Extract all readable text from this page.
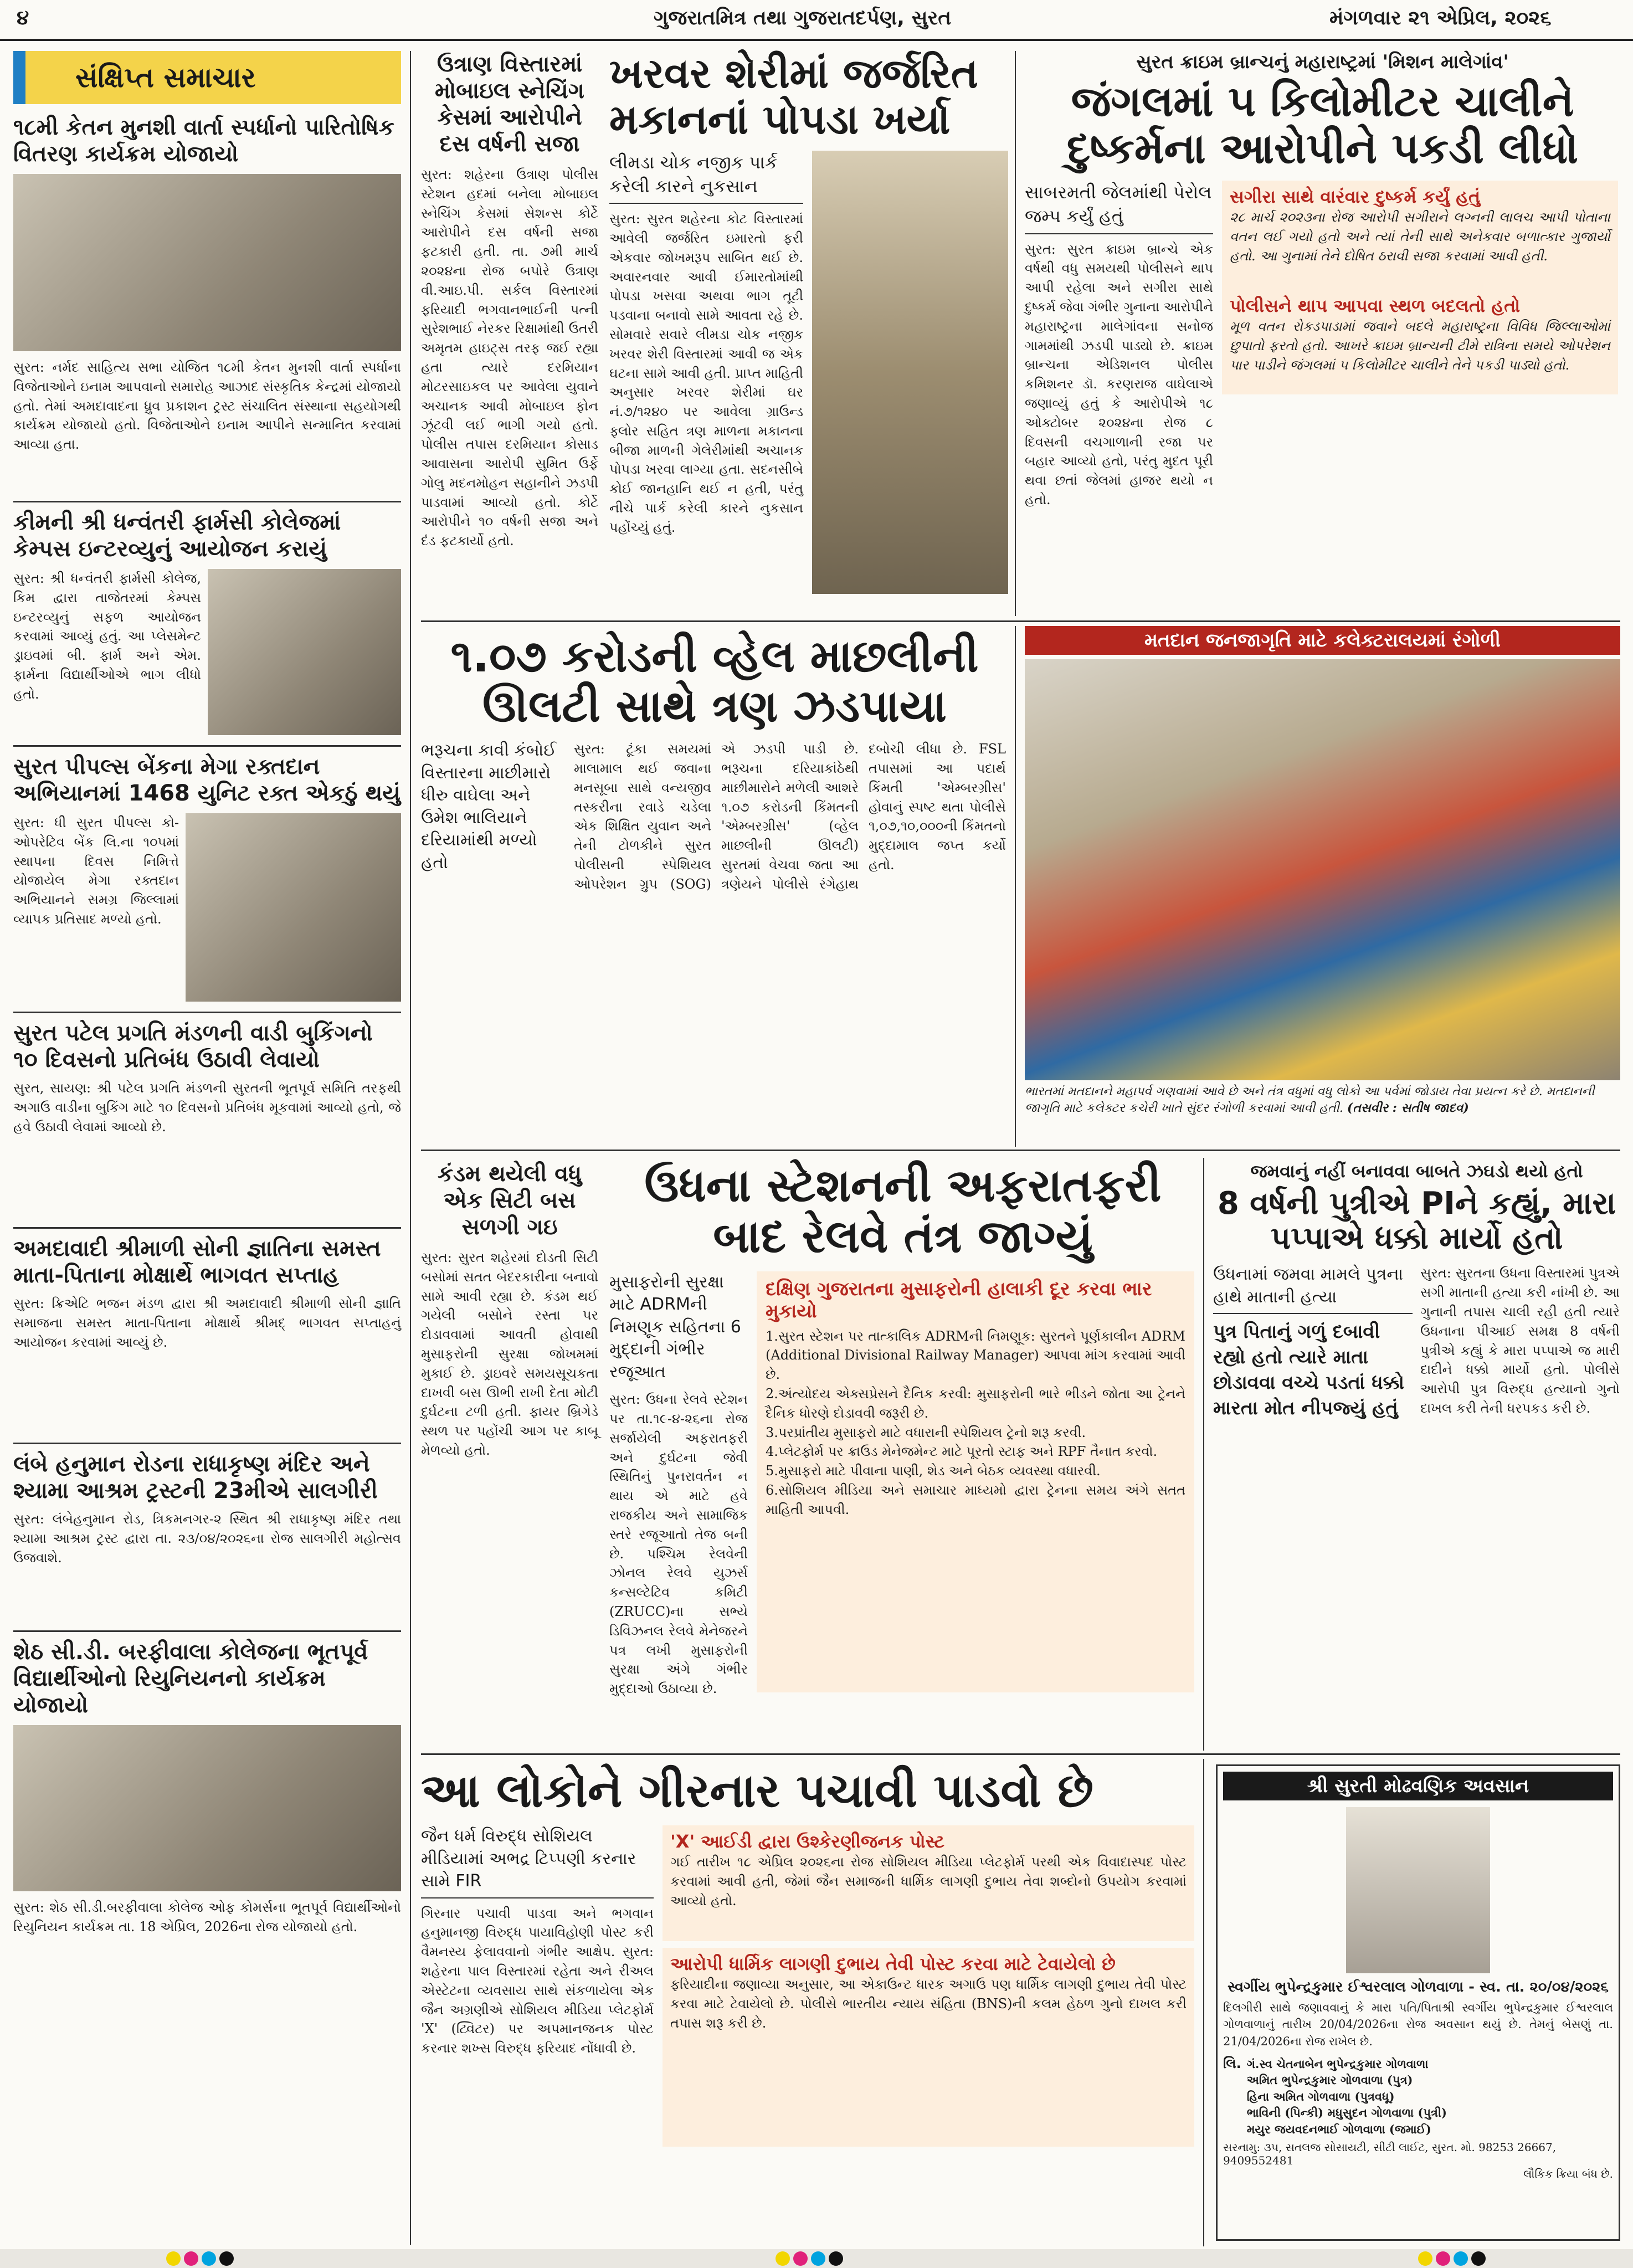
૪	ગુજરાતમિત્ર તથા ગુજરાતદર્પણ, સુરત	મંગળવાર ૨૧ એપ્રિલ, ૨૦૨૬
સંક્ષિપ્ત સમાચાર
૧૮મી કેતન મુનશી વાર્તા સ્પર્ધાનો પારિતોષિક વિતરણ કાર્યક્રમ યોજાયો
સુરત: નર્મદ સાહિત્ય સભા યોજિત ૧૮મી કેતન મુનશી વાર્તા સ્પર્ધાના વિજેતાઓને ઇનામ આપવાનો સમારોહ આઝાદ સંસ્કૃતિક કેન્દ્રમાં યોજાયો હતો. તેમાં અમદાવાદના ધ્રુવ પ્રકાશન ટ્રસ્ટ સંચાલિત સંસ્થાના સહયોગથી કાર્યક્રમ યોજાયો હતો. વિજેતાઓને ઇનામ આપીને સન્માનિત કરવામાં આવ્યા હતા.
કીમની શ્રી ધન્વંતરી ફાર્મસી કોલેજમાં કેમ્પસ ઇન્ટરવ્યુનું આયોજન કરાયું
સુરત: શ્રી ધન્વંતરી ફાર્મસી કોલેજ, કિમ દ્વારા તાજેતરમાં કેમ્પસ ઇન્ટરવ્યુનું સફળ આયોજન કરવામાં આવ્યું હતું. આ પ્લેસમેન્ટ ડ્રાઇવમાં બી. ફાર્મ અને એમ. ફાર્મના વિદ્યાર્થીઓએ ભાગ લીધો હતો.
સુરત પીપલ્સ બેંકના મેગા રક્તદાન અભિયાનમાં 1468 યુનિટ રક્ત એકઠું થયું
સુરત: ધી સુરત પીપલ્સ કો-ઓપરેટિવ બેંક લિ.ના ૧૦૫માં સ્થાપના દિવસ નિમિત્તે યોજાયેલ મેગા રક્તદાન અભિયાનને સમગ્ર જિલ્લામાં વ્યાપક પ્રતિસાદ મળ્યો હતો.
સુરત પટેલ પ્રગતિ મંડળની વાડી બુકિંગનો ૧૦ દિવસનો પ્રતિબંધ ઉઠાવી લેવાયો
સુરત, સાયણ: શ્રી પટેલ પ્રગતિ મંડળની સુરતની ભૂતપૂર્વ સમિતિ તરફથી અગાઉ વાડીના બુકિંગ માટે ૧૦ દિવસનો પ્રતિબંધ મૂકવામાં આવ્યો હતો, જે હવે ઉઠાવી લેવામાં આવ્યો છે.
અમદાવાદી શ્રીમાળી સોની જ્ઞાતિના સમસ્ત માતા-પિતાના મોક્ષાર્થે ભાગવત સપ્તાહ
સુરત: ક્રિએટિ ભજન મંડળ દ્વારા શ્રી અમદાવાદી શ્રીમાળી સોની જ્ઞાતિ સમાજના સમસ્ત માતા-પિતાના મોક્ષાર્થે શ્રીમદ્ ભાગવત સપ્તાહનું આયોજન કરવામાં આવ્યું છે.
લંબે હનુમાન રોડના રાધાકૃષ્ણ મંદિર અને શ્યામા આશ્રમ ટ્રસ્ટની 23મીએ સાલગીરી
સુરત: લંબેહનુમાન રોડ, ત્રિકમનગર-૨ સ્થિત શ્રી રાધાકૃષ્ણ મંદિર તથા શ્યામા આશ્રમ ટ્રસ્ટ દ્વારા તા. ૨૩/૦૪/૨૦૨૬ના રોજ સાલગીરી મહોત્સવ ઉજવાશે.
શેઠ સી.ડી. બરફીવાલા કોલેજના ભૂતપૂર્વ વિદ્યાર્થીઓનો રિયુનિયનનો કાર્યક્રમ યોજાયો
સુરત: શેઠ સી.ડી.બરફીવાલા કોલેજ ઓફ કોમર્સના ભૂતપૂર્વ વિદ્યાર્થીઓનો રિયુનિયન કાર્યક્રમ તા. 18 એપ્રિલ, 2026ના રોજ યોજાયો હતો.
ઉત્રાણ વિસ્તારમાં મોબાઇલ સ્નેચિંગ કેસમાં આરોપીને દસ વર્ષની સજા
સુરત: શહેરના ઉત્રાણ પોલીસ સ્ટેશન હદમાં બનેલા મોબાઇલ સ્નેચિંગ કેસમાં સેશન્સ કોર્ટે આરોપીને દસ વર્ષની સજા ફટકારી હતી. તા. ૭મી માર્ચ ૨૦૨૪ના રોજ બપોરે ઉત્રાણ વી.આઇ.પી. સર્કલ વિસ્તારમાં ફરિયાદી ભગવાનભાઈની પત્ની સુરેશભાઈ નેરકર રિક્ષામાંથી ઉતરી અમૃતમ હાઇટ્સ તરફ જઈ રહ્યા હતા ત્યારે દરમિયાન મોટરસાઇકલ પર આવેલા યુવાને અચાનક આવી મોબાઇલ ફોન ઝૂંટવી લઈ ભાગી ગયો હતો. પોલીસ તપાસ દરમિયાન કોસાડ આવાસના આરોપી સુમિત ઉર્ફે ગોલુ મદનમોહન સહાનીને ઝડપી પાડવામાં આવ્યો હતો. કોર્ટે આરોપીને ૧૦ વર્ષની સજા અને દંડ ફટકાર્યો હતો.
ખરવર શેરીમાં જર્જરિત મકાનનાં પોપડા ખર્યા
લીમડા ચોક નજીક પાર્ક કરેલી કારને નુકસાન
સુરત: સુરત શહેરના કોટ વિસ્તારમાં આવેલી જર્જરિત ઇમારતો ફરી એકવાર જોખમરૂપ સાબિત થઈ છે. અવારનવાર આવી ઈમારતોમાંથી પોપડા ખસવા અથવા ભાગ તૂટી પડવાના બનાવો સામે આવતા રહે છે. સોમવારે સવારે લીમડા ચોક નજીક ખરવર શેરી વિસ્તારમાં આવી જ એક ઘટના સામે આવી હતી. પ્રાપ્ત માહિતી અનુસાર ખરવર શેરીમાં ઘર નં.૭/૧૨૪૦ પર આવેલા ગ્રાઉન્ડ ફ્લોર સહિત ત્રણ માળના મકાનના બીજા માળની ગેલેરીમાંથી અચાનક પોપડા ખરવા લાગ્યા હતા. સદનસીબે કોઈ જાનહાનિ થઈ ન હતી, પરંતુ નીચે પાર્ક કરેલી કારને નુકસાન પહોંચ્યું હતું.
સુરત ક્રાઇમ બ્રાન્ચનું મહારાષ્ટ્રમાં 'મિશન માલેગાંવ'
જંગલમાં ૫ કિલોમીટર ચાલીને દુષ્કર્મના આરોપીને પકડી લીધો
સાબરમતી જેલમાંથી પેરોલ જમ્પ કર્યું હતું
સુરત: સુરત ક્રાઇમ બ્રાન્ચે એક વર્ષથી વધુ સમયથી પોલીસને થાપ આપી રહેલા અને સગીરા સાથે દુષ્કર્મ જેવા ગંભીર ગુનાના આરોપીને મહારાષ્ટ્રના માલેગાંવના સનોજ ગામમાંથી ઝડપી પાડ્યો છે. ક્રાઇમ બ્રાન્ચના એડિશનલ પોલીસ કમિશનર ડૉ. કરણરાજ વાઘેલાએ જણાવ્યું હતું કે આરોપીએ ૧૮ ઓક્ટોબર ૨૦૨૪ના રોજ ૮ દિવસની વચગાળાની રજા પર બહાર આવ્યો હતો, પરંતુ મુદત પૂરી થવા છતાં જેલમાં હાજર થયો ન હતો.
સગીરા સાથે વારંવાર દુષ્કર્મ કર્યું હતું
૨૮ માર્ચ ૨૦૨૩ના રોજ આરોપી સગીરાને લગ્નની લાલચ આપી પોતાના વતન લઈ ગયો હતો અને ત્યાં તેની સાથે અનેકવાર બળાત્કાર ગુજાર્યો હતો. આ ગુનામાં તેને દોષિત ઠરાવી સજા કરવામાં આવી હતી.
પોલીસને થાપ આપવા સ્થળ બદલતો હતો
મૂળ વતન રોકડપાડામાં જવાને બદલે મહારાષ્ટ્રના વિવિધ જિલ્લાઓમાં છુપાતો ફરતો હતો. આખરે ક્રાઇમ બ્રાન્ચની ટીમે રાત્રિના સમયે ઓપરેશન પાર પાડીને જંગલમાં ૫ કિલોમીટર ચાલીને તેને પકડી પાડ્યો હતો.
૧.૦૭ કરોડની વ્હેલ માછલીની ઊલટી સાથે ત્રણ ઝડપાયા
ભરૂચના કાવી કંબોઈ વિસ્તારના માછીમારો ધીરુ વાઘેલા અને ઉમેશ ભાલિયાને દરિયામાંથી મળ્યો હતો
સુરત: ટૂંકા સમયમાં માલામાલ થઈ જવાના મનસૂબા સાથે વન્યજીવ તસ્કરીના રવાડે ચડેલા એક શિક્ષિત યુવાન અને તેની ટોળકીને સુરત પોલીસની સ્પેશિયલ ઓપરેશન ગ્રુપ (SOG) એ ઝડપી પાડી છે. ભરૂચના દરિયાકાંઠેથી માછીમારોને મળેલી આશરે ૧.૦૭ કરોડની કિંમતની 'એમ્બરગ્રીસ' (વ્હેલ માછલીની ઊલટી) સુરતમાં વેચવા જતા આ ત્રણેયને પોલીસે રંગેહાથ દબોચી લીધા છે. FSL તપાસમાં આ પદાર્થ કિંમતી 'એમ્બરગ્રીસ' હોવાનું સ્પષ્ટ થતા પોલીસે ૧,૦૭,૧૦,૦૦૦ની કિંમતનો મુદ્દામાલ જપ્ત કર્યો હતો.
મતદાન જનજાગૃતિ માટે કલેક્ટરાલયમાં રંગોળી
ભારતમાં મતદાનને મહાપર્વ ગણવામાં આવે છે અને તંત્ર વધુમાં વધુ લોકો આ પર્વમાં જોડાય તેવા પ્રયત્ન કરે છે. મતદાનની જાગૃતિ માટે કલેક્ટર કચેરી ખાતે સુંદર રંગોળી કરવામાં આવી હતી. (તસવીર : સતીષ જાદવ)
કંડમ થયેલી વધુ એક સિટી બસ સળગી ગઇ
સુરત: સુરત શહેરમાં દોડતી સિટી બસોમાં સતત બેદરકારીના બનાવો સામે આવી રહ્યા છે. કંડમ થઈ ગયેલી બસોને રસ્તા પર દોડાવવામાં આવતી હોવાથી મુસાફરોની સુરક્ષા જોખમમાં મુકાઈ છે. ડ્રાઇવરે સમયસૂચકતા દાખવી બસ ઊભી રાખી દેતા મોટી દુર્ઘટના ટળી હતી. ફાયર બ્રિગેડે સ્થળ પર પહોંચી આગ પર કાબૂ મેળવ્યો હતો.
ઉધના સ્ટેશનની અફરાતફરી બાદ રેલવે તંત્ર જાગ્યું
મુસાફરોની સુરક્ષા માટે ADRMની નિમણૂક સહિતના 6 મુદ્દાની ગંભીર રજૂઆત
સુરત: ઉધના રેલવે સ્ટેશન પર તા.૧૯-૪-૨૬ના રોજ સર્જાયેલી અફરાતફરી અને દુર્ઘટના જેવી સ્થિતિનું પુનરાવર્તન ન થાય એ માટે હવે રાજકીય અને સામાજિક સ્તરે રજૂઆતો તેજ બની છે. પશ્ચિમ રેલવેની ઝોનલ રેલવે યુઝર્સ કન્સલ્ટેટિવ કમિટી (ZRUCC)ના સભ્યે ડિવિઝનલ રેલવે મેનેજરને પત્ર લખી મુસાફરોની સુરક્ષા અંગે ગંભીર મુદ્દાઓ ઉઠાવ્યા છે.
દક્ષિણ ગુજરાતના મુસાફરોની હાલાકી દૂર કરવા ભાર મુકાયો
1.સુરત સ્ટેશન પર તાત્કાલિક ADRMની નિમણૂક: સુરતને પૂર્ણકાલીન ADRM (Additional Divisional Railway Manager) આપવા માંગ કરવામાં આવી છે.
2.અંત્યોદય એક્સપ્રેસને દૈનિક કરવી: મુસાફરોની ભારે ભીડને જોતા આ ટ્રેનને દૈનિક ધોરણે દોડાવવી જરૂરી છે.
3.પરપ્રાંતીય મુસાફરો માટે વધારાની સ્પેશિયલ ટ્રેનો શરૂ કરવી.
4.પ્લેટફોર્મ પર ક્રાઉડ મેનેજમેન્ટ માટે પૂરતો સ્ટાફ અને RPF તૈનાત કરવો.
5.મુસાફરો માટે પીવાના પાણી, શેડ અને બેઠક વ્યવસ્થા વધારવી.
6.સોશિયલ મીડિયા અને સમાચાર માધ્યમો દ્વારા ટ્રેનના સમય અંગે સતત માહિતી આપવી.
જમવાનું નહીં બનાવવા બાબતે ઝઘડો થયો હતો
8 વર્ષની પુત્રીએ PIને કહ્યું, મારા પપ્પાએ ધક્કો માર્યો હતો
ઉધનામાં જમવા મામલે પુત્રના હાથે માતાની હત્યા
પુત્ર પિતાનું ગળું દબાવી રહ્યો હતો ત્યારે માતા છોડાવવા વચ્ચે પડતાં ધક્કો મારતા મોત નીપજ્યું હતું
સુરત: સુરતના ઉધના વિસ્તારમાં પુત્રએ સગી માતાની હત્યા કરી નાંખી છે. આ ગુનાની તપાસ ચાલી રહી હતી ત્યારે ઉધનાના પીઆઈ સમક્ષ 8 વર્ષની પુત્રીએ કહ્યું કે મારા પપ્પાએ જ મારી દાદીને ધક્કો માર્યો હતો. પોલીસે આરોપી પુત્ર વિરુદ્ધ હત્યાનો ગુનો દાખલ કરી તેની ધરપકડ કરી છે.
આ લોકોને ગીરનાર પચાવી પાડવો છે
જૈન ધર્મ વિરુદ્ધ સોશિયલ મીડિયામાં અભદ્ર ટિપ્પણી કરનાર સામે FIR
ગિરનાર પચાવી પાડવા અને ભગવાન હનુમાનજી વિરુદ્ધ પાયાવિહોણી પોસ્ટ કરી વૈમનસ્ય ફેલાવવાનો ગંભીર આક્ષેપ. સુરત: શહેરના પાલ વિસ્તારમાં રહેતા અને રીઅલ એસ્ટેટના વ્યવસાય સાથે સંકળાયેલા એક જૈન અગ્રણીએ સોશિયલ મીડિયા પ્લેટફોર્મ 'X' (ટ્વિટર) પર અપમાનજનક પોસ્ટ કરનાર શખ્સ વિરુદ્ધ ફરિયાદ નોંધાવી છે.
'X' આઈડી દ્વારા ઉશ્કેરણીજનક પોસ્ટ
ગઈ તારીખ ૧૮ એપ્રિલ ૨૦૨૬ના રોજ સોશિયલ મીડિયા પ્લેટફોર્મ પરથી એક વિવાદાસ્પદ પોસ્ટ કરવામાં આવી હતી, જેમાં જૈન સમાજની ધાર્મિક લાગણી દુભાય તેવા શબ્દોનો ઉપયોગ કરવામાં આવ્યો હતો.
આરોપી ધાર્મિક લાગણી દુભાય તેવી પોસ્ટ કરવા માટે ટેવાયેલો છે
ફરિયાદીના જણાવ્યા અનુસાર, આ એકાઉન્ટ ધારક અગાઉ પણ ધાર્મિક લાગણી દુભાય તેવી પોસ્ટ કરવા માટે ટેવાયેલો છે. પોલીસે ભારતીય ન્યાય સંહિતા (BNS)ની કલમ હેઠળ ગુનો દાખલ કરી તપાસ શરૂ કરી છે.
શ્રી સુરતી મોઢવણિક અવસાન
સ્વર્ગીય ભુપેન્દ્રકુમાર ઈશ્વરલાલ ગોળવાળા - સ્વ. તા. ૨૦/૦૪/૨૦૨૬
દિલગીરી સાથે જણાવવાનું કે મારા પતિ/પિતાશ્રી સ્વર્ગીય ભુપેન્દ્રકુમાર ઈશ્વરલાલ ગોળવાળાનું તારીખ 20/04/2026ના રોજ અવસાન થયું છે. તેમનું બેસણું તા. 21/04/2026ના રોજ રાખેલ છે.
લિ. ગં.સ્વ ચેતનાબેન ભુપેન્દ્રકુમાર ગોળવાળા
અમિત ભુપેન્દ્રકુમાર ગોળવાળા (પુત્ર)
હિના અમિત ગોળવાળા (પુત્રવધૂ)
ભાવિની (પિન્કી) મધુસુદન ગોળવાળા (પુત્રી)
મયુર જયવદનભાઈ ગોળવાળા (જમાઈ)
સરનામુ: ૩૫, સતલજ સોસાયટી, સીટી લાઈટ, સુરત. મો. 98253 26667, 9409552481
લૌકિક ક્રિયા બંધ છે.
